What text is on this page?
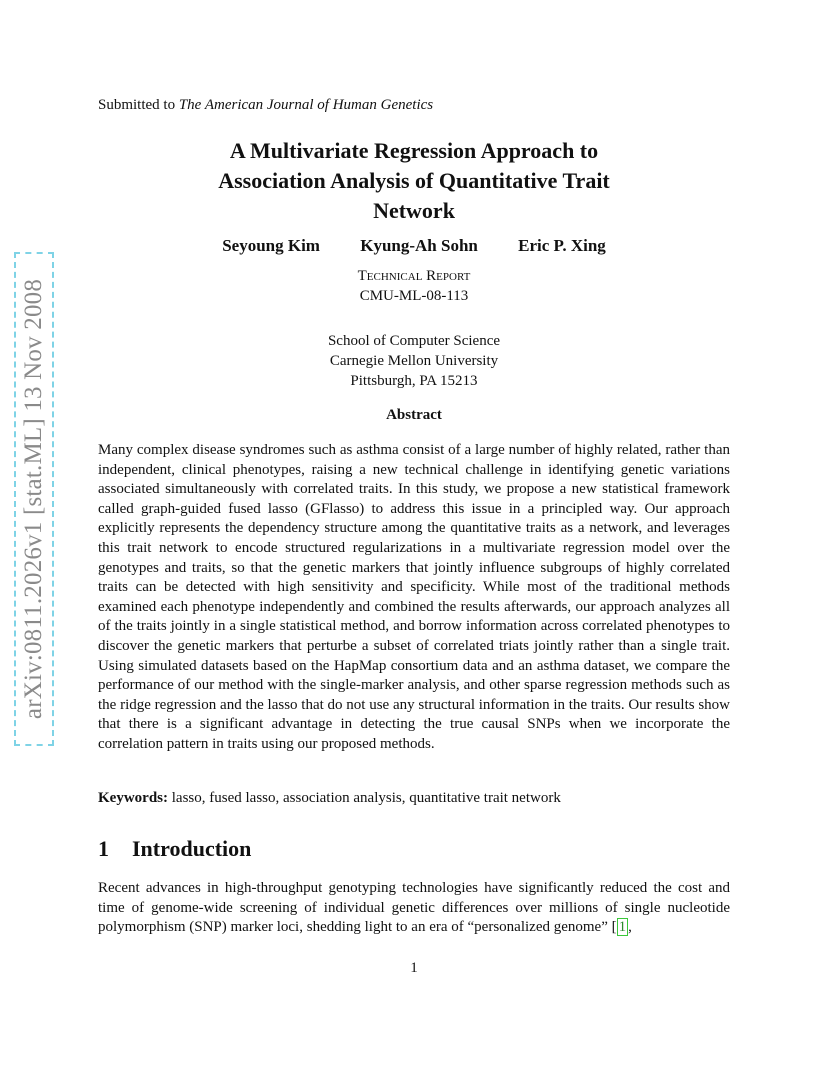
arXiv:0811.2026v1 [stat.ML] 13 Nov 2008
Submitted to The American Journal of Human Genetics
A Multivariate Regression Approach to
Association Analysis of Quantitative Trait
Network
Seyoung Kim Kyung-Ah Sohn Eric P. Xing
Technical Report
CMU-ML-08-113
School of Computer Science
Carnegie Mellon University
Pittsburgh, PA 15213
Abstract

Many complex disease syndromes such as asthma consist of a large number of highly related, rather than independent, clinical phenotypes, raising a new technical challenge in identifying genetic variations associated simultaneously with correlated traits. In this study, we propose a new statistical framework called graph-guided fused lasso (GFlasso) to address this issue in a principled way. Our approach explicitly represents the dependency structure among the quantitative traits as a network, and leverages this trait network to encode structured regularizations in a multivariate regression model over the genotypes and traits, so that the genetic markers that jointly influence subgroups of highly correlated traits can be detected with high sensitivity and specificity. While most of the traditional methods examined each phenotype independently and combined the results afterwards, our approach analyzes all of the traits jointly in a single statistical method, and borrow information across correlated phenotypes to discover the genetic markers that perturbe a subset of correlated triats jointly rather than a single trait. Using simulated datasets based on the HapMap consortium data and an asthma dataset, we compare the performance of our method with the single-marker analysis, and other sparse regression methods such as the ridge regression and the lasso that do not use any structural information in the traits. Our results show that there is a significant advantage in detecting the true causal SNPs when we incorporate the correlation pattern in traits using our proposed methods.

Keywords: lasso, fused lasso, association analysis, quantitative trait network
1 Introduction

Recent advances in high-throughput genotyping technologies have significantly reduced the cost and time of genome-wide screening of individual genetic differences over millions of single nucleotide polymorphism (SNP) marker loci, shedding light to an era of “personalized genome” [ 1 ,

1
